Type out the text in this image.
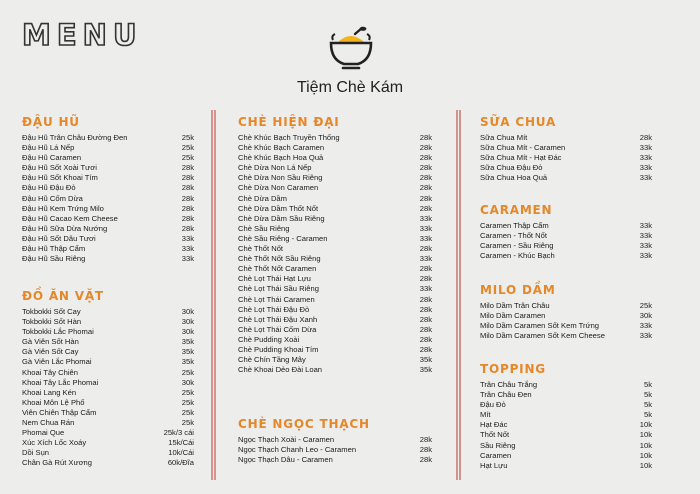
MENU
Tiệm Chè Kám
ĐẬU HŨ
Đậu Hũ Trân Châu Đường Đen	25k
Đậu Hũ Lá Nếp	25k
Đậu Hũ Caramen	25k
Đậu Hũ Sốt Xoài Tươi	28k
Đậu Hũ Sốt Khoai Tím	28k
Đậu Hũ Đậu Đỏ	28k
Đậu Hũ Cốm Dừa	28k
Đậu Hũ Kem Trứng Milo	28k
Đậu Hũ Cacao Kem Cheese	28k
Đậu Hũ Sữa Dừa Nướng	28k
Đậu Hũ Sốt Dâu Tươi	33k
Đậu Hũ Thập Cẩm	33k
Đậu Hũ Sầu Riêng	33k
ĐỒ ĂN VẶT
Tokbokki Sốt Cay	30k
Tokbokki Sốt Hàn	30k
Tokbokki Lắc Phomai	30k
Gà Viên Sốt Hàn	35k
Gà Viên Sốt Cay	35k
Gà Viên Lắc Phomai	35k
Khoai Tây Chiên	25k
Khoai Tây Lắc Phomai	30k
Khoai Lang Kén	25k
Khoai Môn Lệ Phố	25k
Viên Chiên Thập Cẩm	25k
Nem Chua Rán	25k
Phomai Que	25k/3 cái
Xúc Xích Lốc Xoáy	15k/Cái
Dồi Sụn	10k/Cái
Chân Gà Rút Xương	60k/Đĩa
CHÈ HIỆN ĐẠI
Chè Khúc Bạch Truyền Thống	28k
Chè Khúc Bạch Caramen	28k
Chè Khúc Bạch Hoa Quả	28k
Chè Dừa Non Lá Nếp	28k
Chè Dừa Non Sầu Riêng	28k
Chè Dừa Non Caramen	28k
Chè Dừa Dầm	28k
Chè Dừa Dầm Thốt Nốt	28k
Chè Dừa Dầm Sầu Riêng	33k
Chè Sầu Riêng	33k
Chè Sầu Riêng - Caramen	33k
Chè Thốt Nốt	28k
Chè Thốt Nốt Sầu Riêng	33k
Chè Thốt Nốt Caramen	28k
Chè Lọt Thái Hạt Lựu	28k
Chè Lọt Thái Sầu Riêng	33k
Chè Lọt Thái Caramen	28k
Chè Lọt Thái Đậu Đỏ	28k
Chè Lọt Thái Đậu Xanh	28k
Chè Lọt Thái Cốm Dừa	28k
Chè Pudding Xoài	28k
Chè Pudding Khoai Tím	28k
Chè Chín Tầng Mây	35k
Chè Khoai Dẻo Đài Loan	35k
CHÈ NGỌC THẠCH
Ngọc Thạch Xoài - Caramen	28k
Ngọc Thạch Chanh Leo - Caramen	28k
Ngọc Thạch Dâu - Caramen	28k
SỮA CHUA
Sữa Chua Mít	28k
Sữa Chua Mít - Caramen	33k
Sữa Chua Mít - Hạt Đác	33k
Sữa Chua Đậu Đỏ	33k
Sữa Chua Hoa Quả	33k
CARAMEN
Caramen Thập Cẩm	33k
Caramen - Thốt Nốt	33k
Caramen - Sầu Riêng	33k
Caramen - Khúc Bạch	33k
MILO DẦM
Milo Dầm Trân Châu	25k
Milo Dầm Caramen	30k
Milo Dầm Caramen Sốt Kem Trứng	33k
Milo Dầm Caramen Sốt Kem Cheese	33k
TOPPING
Trân Châu Trắng	5k
Trân Châu Đen	5k
Đậu Đỏ	5k
Mít	5k
Hạt Đác	10k
Thốt Nốt	10k
Sầu Riêng	10k
Caramen	10k
Hạt Lựu	10k
